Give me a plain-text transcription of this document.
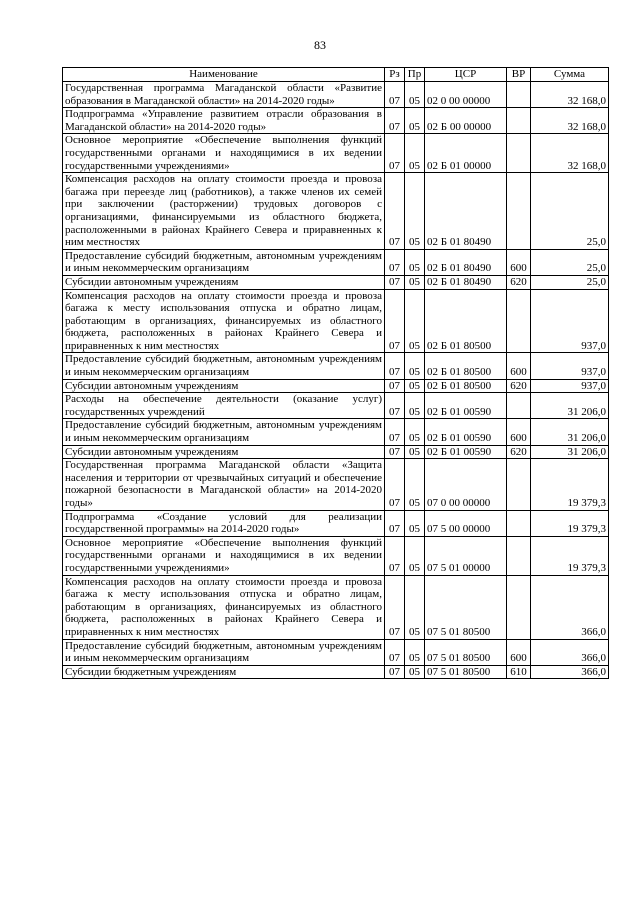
83
Наименование	Рз	Пр	ЦСР	ВР	Сумма
Государственная программа Магаданской области «Развитие образования в Магаданской области» на 2014-2020 годы»	07	05	02 0 00 00000		32 168,0
Подпрограмма «Управление развитием отрасли образования в Магаданской области» на 2014-2020 годы»	07	05	02 Б 00 00000		32 168,0
Основное мероприятие «Обеспечение выполнения функций государственными органами и находящимися в их ведении государственными учреждениями»	07	05	02 Б 01 00000		32 168,0
Компенсация расходов на оплату стоимости проезда и провоза багажа при переезде лиц (работников), а также членов их семей при заключении (расторжении) трудовых договоров с организациями, финансируемыми из областного бюджета, расположенными в районах Крайнего Севера и приравненных к ним местностях	07	05	02 Б 01 80490		25,0
Предоставление субсидий бюджетным, автономным учреждениям и иным некоммерческим организациям	07	05	02 Б 01 80490	600	25,0
Субсидии автономным учреждениям	07	05	02 Б 01 80490	620	25,0
Компенсация расходов на оплату стоимости проезда и провоза багажа к месту использования отпуска и обратно лицам, работающим в организациях, финансируемых из областного бюджета, расположенных в районах Крайнего Севера и приравненных к ним местностях	07	05	02 Б 01 80500		937,0
Предоставление субсидий бюджетным, автономным учреждениям и иным некоммерческим организациям	07	05	02 Б 01 80500	600	937,0
Субсидии автономным учреждениям	07	05	02 Б 01 80500	620	937,0
Расходы на обеспечение деятельности (оказание услуг) государственных учреждений	07	05	02 Б 01 00590		31 206,0
Предоставление субсидий бюджетным, автономным учреждениям и иным некоммерческим организациям	07	05	02 Б 01 00590	600	31 206,0
Субсидии автономным учреждениям	07	05	02 Б 01 00590	620	31 206,0
Государственная программа Магаданской области «Защита населения и территории от чрезвычайных ситуаций и обеспечение пожарной безопасности в Магаданской области» на 2014-2020 годы»	07	05	07 0 00 00000		19 379,3
Подпрограмма «Создание условий для реализации государственной программы» на 2014-2020 годы»	07	05	07 5 00 00000		19 379,3
Основное мероприятие «Обеспечение выполнения функций государственными органами и находящимися в их ведении государственными учреждениями»	07	05	07 5 01 00000		19 379,3
Компенсация расходов на оплату стоимости проезда и провоза багажа к месту использования отпуска и обратно лицам, работающим в организациях, финансируемых из областного бюджета, расположенных в районах Крайнего Севера и приравненных к ним местностях	07	05	07 5 01 80500		366,0
Предоставление субсидий бюджетным, автономным учреждениям и иным некоммерческим организациям	07	05	07 5 01 80500	600	366,0
Субсидии бюджетным учреждениям	07	05	07 5 01 80500	610	366,0
